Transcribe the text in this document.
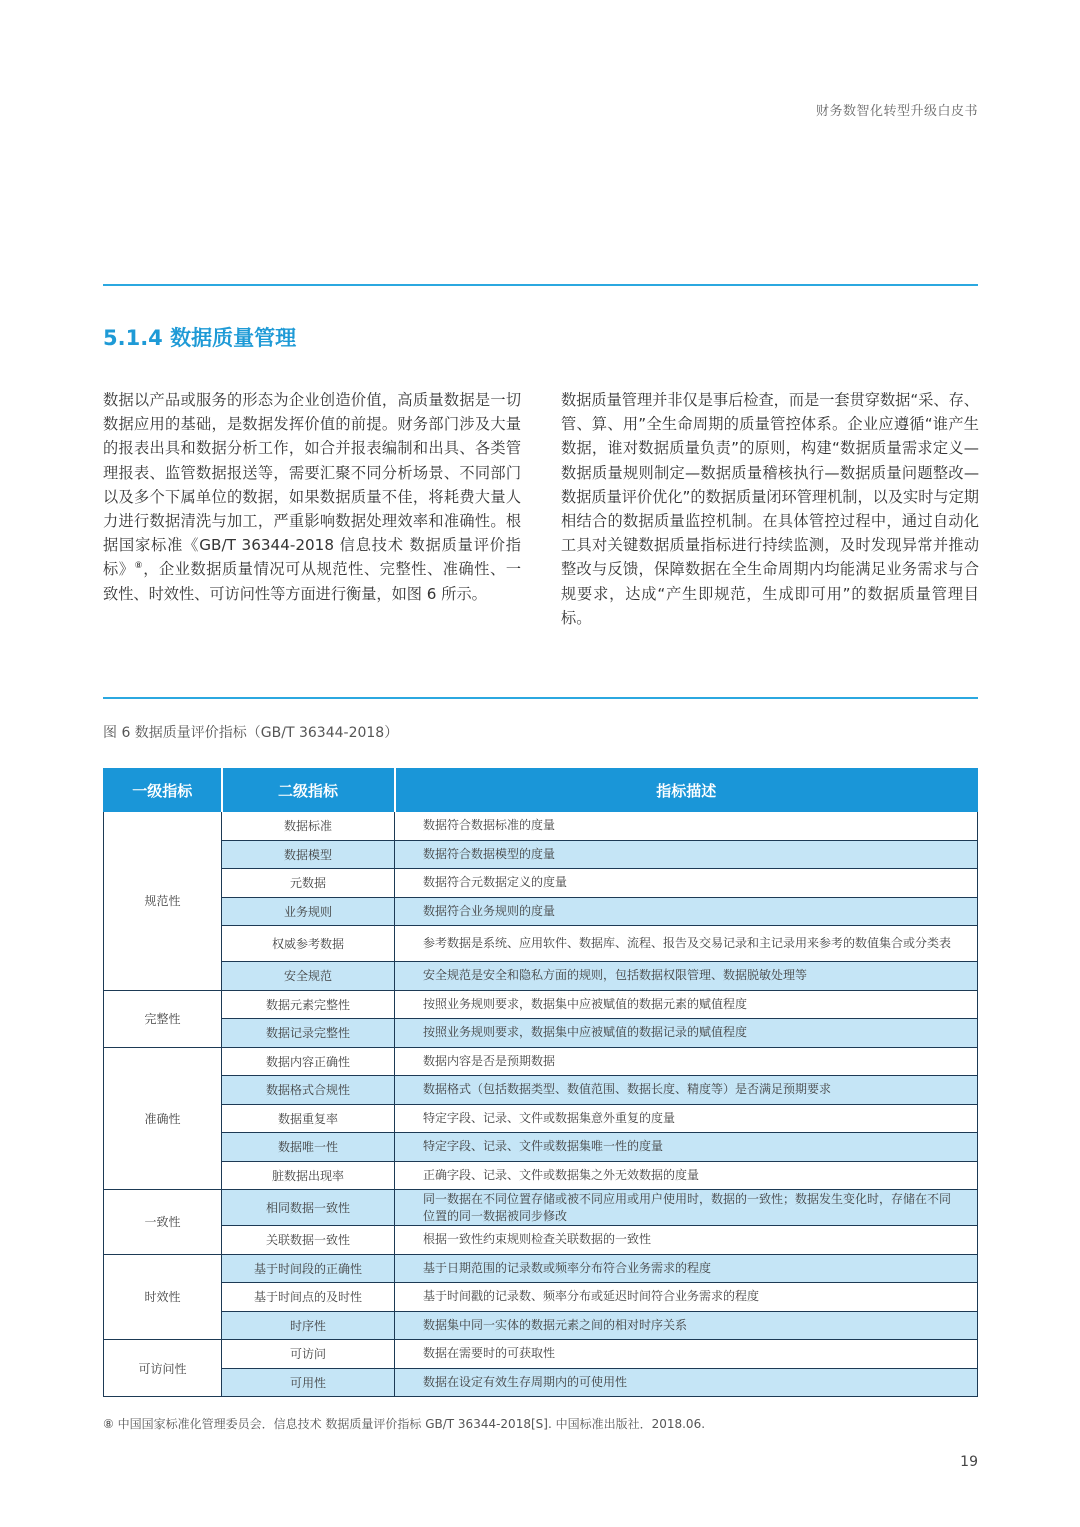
财务数智化转型升级白皮书
5.1.4 数据质量管理

数据以产品或服务的形态为企业创造价值，高质量数据是一切数据应用的基础，是数据发挥价值的前提。财务部门涉及大量的报表出具和数据分析工作，如合并报表编制和出具、各类管理报表、监管数据报送等，需要汇聚不同分析场景、不同部门以及多个下属单位的数据，如果数据质量不佳，将耗费大量人力进行数据清洗与加工，严重影响数据处理效率和准确性。根据国家标准《GB/T 36344-2018 信息技术 数据质量评价指标》⑧，企业数据质量情况可从规范性、完整性、准确性、一致性、时效性、可访问性等方面进行衡量，如图 6 所示。

数据质量管理并非仅是事后检查，而是一套贯穿数据“采、存、管、算、用”全生命周期的质量管控体系。企业应遵循“谁产生数据，谁对数据质量负责”的原则，构建“数据质量需求定义—数据质量规则制定—数据质量稽核执行—数据质量问题整改—数据质量评价优化”的数据质量闭环管理机制，以及实时与定期相结合的数据质量监控机制。在具体管控过程中，通过自动化工具对关键数据质量指标进行持续监测，及时发现异常并推动整改与反馈，保障数据在全生命周期内均能满足业务需求与合规要求，达成“产生即规范，生成即可用”的数据质量管理目标。

图 6 数据质量评价指标（GB/T 36344-2018）
一级指标	二级指标	指标描述
规范性	数据标准	数据符合数据标准的度量
	数据模型	数据符合数据模型的度量
	元数据	数据符合元数据定义的度量
	业务规则	数据符合业务规则的度量
	权威参考数据	参考数据是系统、应用软件、数据库、流程、报告及交易记录和主记录用来参考的数值集合或分类表
	安全规范	安全规范是安全和隐私方面的规则，包括数据权限管理、数据脱敏处理等
完整性	数据元素完整性	按照业务规则要求，数据集中应被赋值的数据元素的赋值程度
	数据记录完整性	按照业务规则要求，数据集中应被赋值的数据记录的赋值程度
准确性	数据内容正确性	数据内容是否是预期数据
	数据格式合规性	数据格式（包括数据类型、数值范围、数据长度、精度等）是否满足预期要求
	数据重复率	特定字段、记录、文件或数据集意外重复的度量
	数据唯一性	特定字段、记录、文件或数据集唯一性的度量
	脏数据出现率	正确字段、记录、文件或数据集之外无效数据的度量
一致性	相同数据一致性	同一数据在不同位置存储或被不同应用或用户使用时，数据的一致性；数据发生变化时，存储在不同位置的同一数据被同步修改
	关联数据一致性	根据一致性约束规则检查关联数据的一致性
时效性	基于时间段的正确性	基于日期范围的记录数或频率分布符合业务需求的程度
	基于时间点的及时性	基于时间戳的记录数、频率分布或延迟时间符合业务需求的程度
	时序性	数据集中同一实体的数据元素之间的相对时序关系
可访问性	可访问	数据在需要时的可获取性
	可用性	数据在设定有效生存周期内的可使用性
⑧ 中国国家标准化管理委员会．信息技术 数据质量评价指标 GB/T 36344-2018[S]. 中国标准出版社．2018.06.
19
